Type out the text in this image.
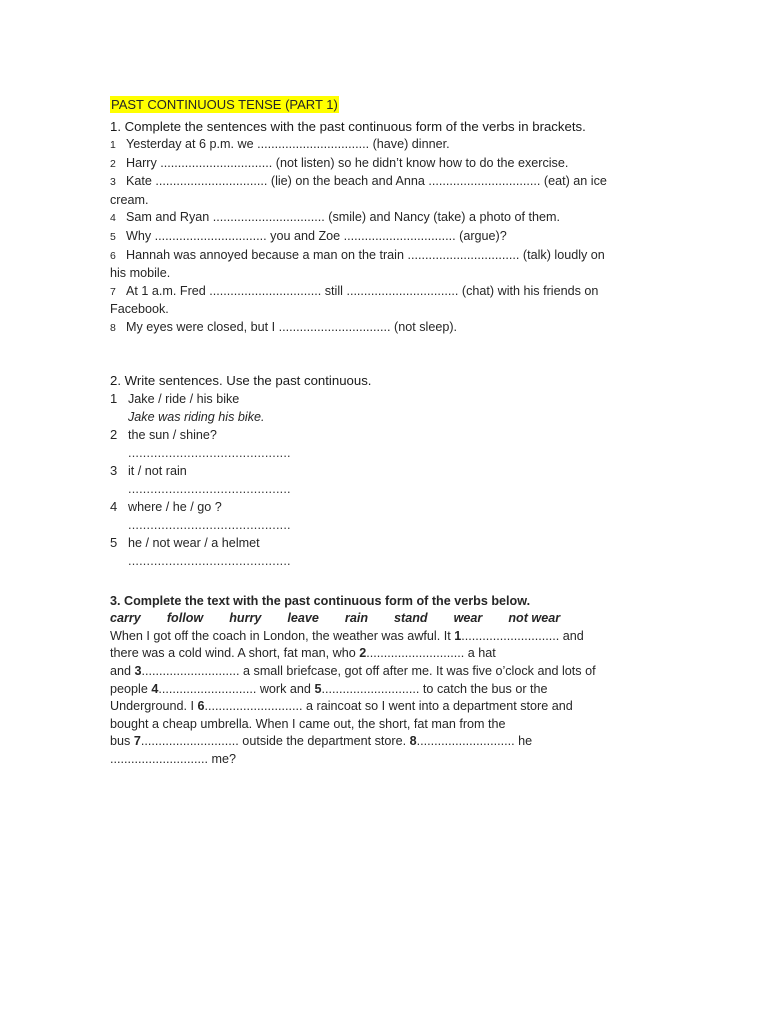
PAST CONTINUOUS TENSE (PART 1)
1. Complete the sentences with the past continuous form of the verbs in brackets.
1 Yesterday at 6 p.m. we ................................ (have) dinner.
2 Harry ................................ (not listen) so he didn’t know how to do the exercise.
3 Kate ................................ (lie) on the beach and Anna ................................ (eat) an ice
cream.
4 Sam and Ryan ................................ (smile) and Nancy (take) a photo of them.
5 Why ................................ you and Zoe ................................ (argue)?
6 Hannah was annoyed because a man on the train ................................ (talk) loudly on
his mobile.
7 At 1 a.m. Fred ................................ still ................................ (chat) with his friends on
Facebook.
8 My eyes were closed, but I ................................ (not sleep).
2. Write sentences. Use the past continuous.
1 Jake / ride / his bike
Jake was riding his bike.
2 the sun / shine?
............................................
3 it / not rain
............................................
4 where / he / go ?
............................................
5 he / not wear / a helmet
............................................
3. Complete the text with the past continuous form of the verbs below.
carry follow hurry leave rain stand wear not wear
When I got off the coach in London, the weather was awful. It 1............................ and
there was a cold wind. A short, fat man, who 2............................ a hat
and 3............................ a small briefcase, got off after me. It was five o’clock and lots of
people 4............................ work and 5............................ to catch the bus or the
Underground. I 6............................ a raincoat so I went into a department store and
bought a cheap umbrella. When I came out, the short, fat man from the
bus 7............................ outside the department store. 8............................ he
............................ me?
